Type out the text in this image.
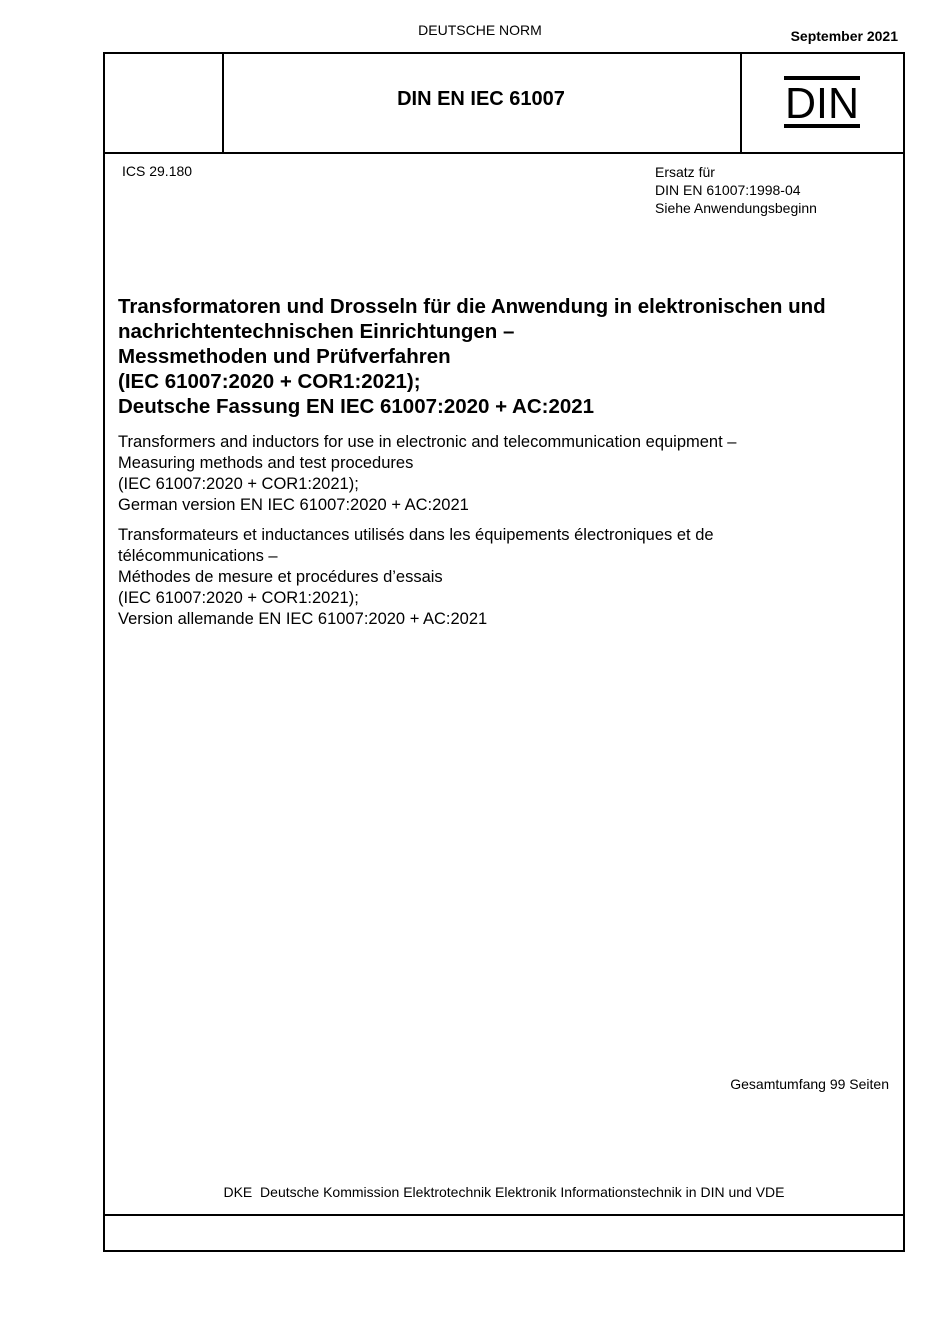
DEUTSCHE NORM	September 2021
DIN EN IEC 61007	DIN
ICS 29.180	Ersatz für
DIN EN 61007:1998-04
Siehe Anwendungsbeginn
Transformatoren und Drosseln für die Anwendung in elektronischen und
nachrichtentechnischen Einrichtungen –
Messmethoden und Prüfverfahren
(IEC 61007:2020 + COR1:2021);
Deutsche Fassung EN IEC 61007:2020 + AC:2021
Transformers and inductors for use in electronic and telecommunication equipment –
Measuring methods and test procedures
(IEC 61007:2020 + COR1:2021);
German version EN IEC 61007:2020 + AC:2021
Transformateurs et inductances utilisés dans les équipements électroniques et de
télécommunications –
Méthodes de mesure et procédures d’essais
(IEC 61007:2020 + COR1:2021);
Version allemande EN IEC 61007:2020 + AC:2021
Gesamtumfang 99 Seiten
DKE  Deutsche Kommission Elektrotechnik Elektronik Informationstechnik in DIN und VDE
